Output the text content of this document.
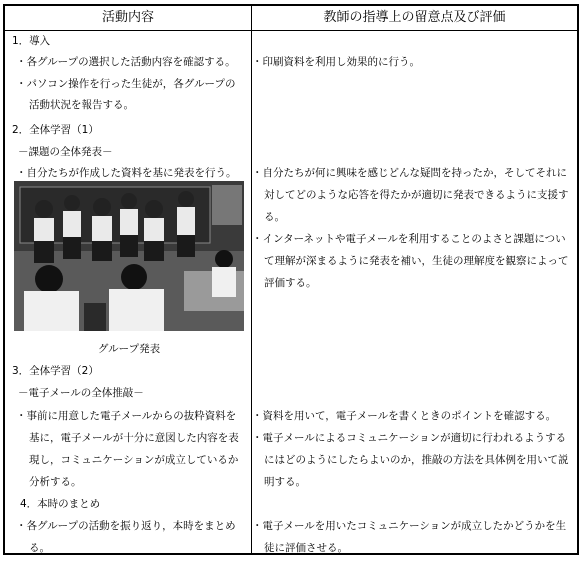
活動内容	教師の指導上の留意点及び評価
1．導入
・各グループの選択した活動内容を確認する。
・パソコン操作を行った生徒が，各グループの
活動状況を報告する。
2．全体学習（1）
－課題の全体発表－
・自分たちが作成した資料を基に発表を行う。
グループ発表
3．全体学習（2）
－電子メールの全体推敲－
・事前に用意した電子メールからの抜粋資料を
基に，電子メールが十分に意図した内容を表
現し，コミュニケーションが成立しているか
分析する。
4．本時のまとめ
・各グループの活動を振り返り，本時をまとめ
る。
・印刷資料を利用し効果的に行う。
・自分たちが何に興味を感じどんな疑問を持ったか，そしてそれに
対してどのような応答を得たかが適切に発表できるように支援す
る。
・インターネットや電子メールを利用することのよさと課題につい
て理解が深まるように発表を補い，生徒の理解度を観察によって
評価する。
・資料を用いて，電子メールを書くときのポイントを確認する。
・電子メールによるコミュニケーションが適切に行われるようする
にはどのようにしたらよいのか，推敲の方法を具体例を用いて説
明する。
・電子メールを用いたコミュニケーションが成立したかどうかを生
徒に評価させる。
